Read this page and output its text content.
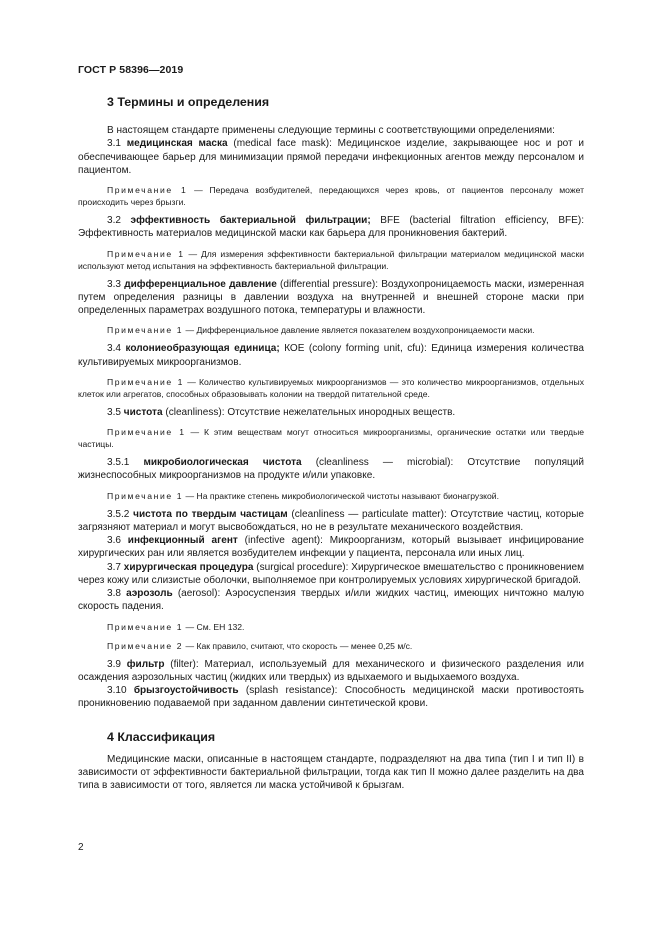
ГОСТ Р 58396—2019
3 Термины и определения

В настоящем стандарте применены следующие термины с соответствующими определениями:

3.1 медицинская маска (medical face mask): Медицинское изделие, закрывающее нос и рот и обеспечивающее барьер для минимизации прямой передачи инфекционных агентов между персоналом и пациентом.

Примечание 1 — Передача возбудителей, передающихся через кровь, от пациентов персоналу может происходить через брызги.

3.2 эффективность бактериальной фильтрации; BFE (bacterial filtration efficiency, BFE): Эффективность материалов медицинской маски как барьера для проникновения бактерий.

Примечание 1 — Для измерения эффективности бактериальной фильтрации материалом медицинской маски используют метод испытания на эффективность бактериальной фильтрации.

3.3 дифференциальное давление (differential pressure): Воздухопроницаемость маски, измеренная путем определения разницы в давлении воздуха на внутренней и внешней стороне маски при определенных параметрах воздушного потока, температуры и влажности.

Примечание 1 — Дифференциальное давление является показателем воздухопроницаемости маски.

3.4 колониеобразующая единица; КОЕ (colony forming unit, cfu): Единица измерения количества культивируемых микроорганизмов.

Примечание 1 — Количество культивируемых микроорганизмов — это количество микроорганизмов, отдельных клеток или агрегатов, способных образовывать колонии на твердой питательной среде.

3.5 чистота (cleanliness): Отсутствие нежелательных инородных веществ.

Примечание 1 — К этим веществам могут относиться микроорганизмы, органические остатки или твердые частицы.

3.5.1 микробиологическая чистота (cleanliness — microbial): Отсутствие популяций жизнеспособных микроорганизмов на продукте и/или упаковке.

Примечание 1 — На практике степень микробиологической чистоты называют бионагрузкой.

3.5.2 чистота по твердым частицам (cleanliness — particulate matter): Отсутствие частиц, которые загрязняют материал и могут высвобождаться, но не в результате механического воздействия.

3.6 инфекционный агент (infective agent): Микроорганизм, который вызывает инфицирование хирургических ран или является возбудителем инфекции у пациента, персонала или иных лиц.

3.7 хирургическая процедура (surgical procedure): Хирургическое вмешательство с проникновением через кожу или слизистые оболочки, выполняемое при контролируемых условиях хирургической бригадой.

3.8 аэрозоль (aerosol): Аэросуспензия твердых и/или жидких частиц, имеющих ничтожно малую скорость падения.

Примечание 1 — См. ЕН 132.

Примечание 2 — Как правило, считают, что скорость — менее 0,25 м/с.

3.9 фильтр (filter): Материал, используемый для механического и физического разделения или осаждения аэрозольных частиц (жидких или твердых) из вдыхаемого и выдыхаемого воздуха.

3.10 брызгоустойчивость (splash resistance): Способность медицинской маски противостоять проникновению подаваемой при заданном давлении синтетической крови.

4 Классификация

Медицинские маски, описанные в настоящем стандарте, подразделяют на два типа (тип I и тип II) в зависимости от эффективности бактериальной фильтрации, тогда как тип II можно далее разделить на два типа в зависимости от того, является ли маска устойчивой к брызгам.

2
